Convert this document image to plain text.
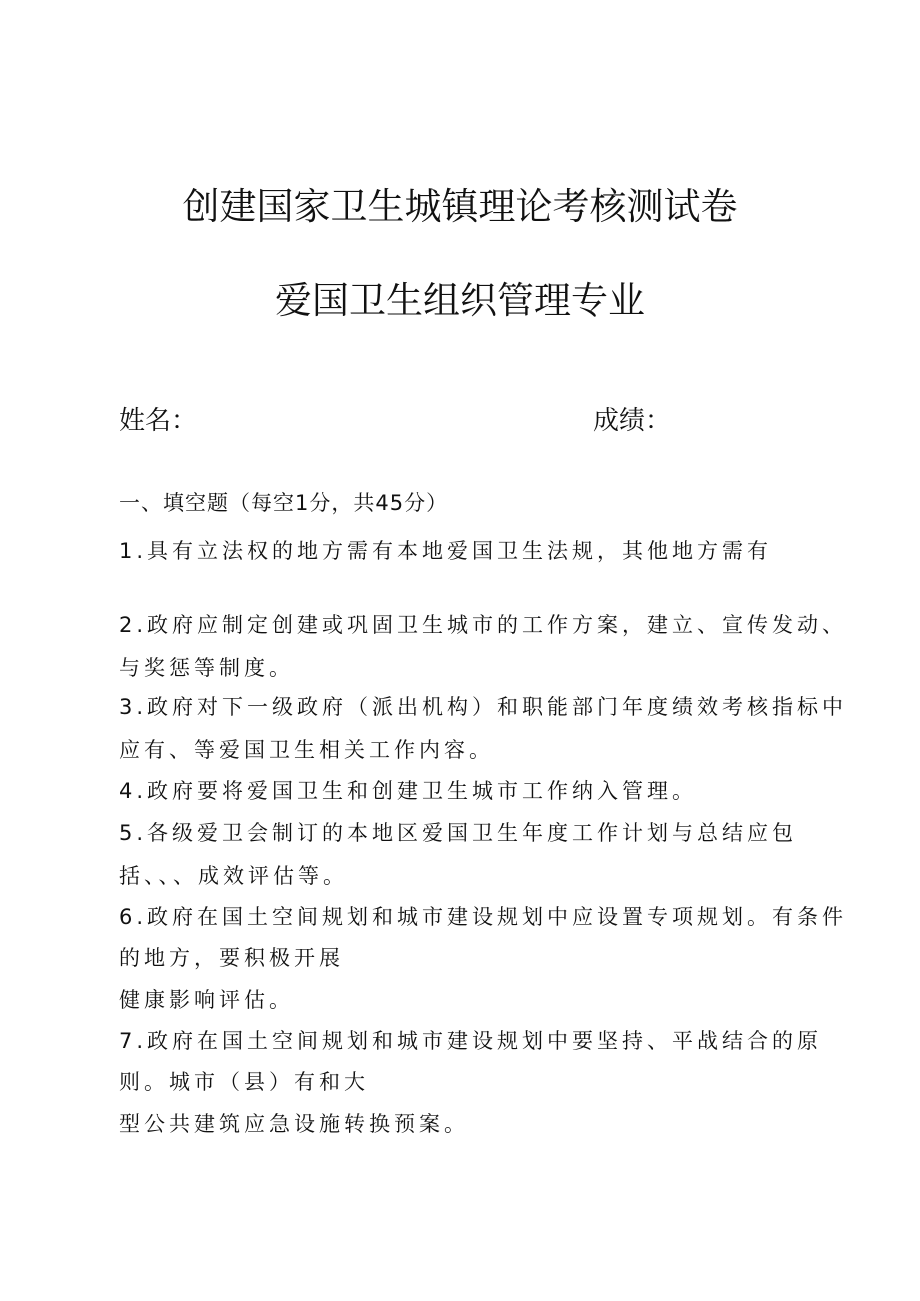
创建国家卫生城镇理论考核测试卷
爱国卫生组织管理专业
姓名：	成绩：
一、填空题（每空1分，共45分）
1.具有立法权的地方需有本地爱国卫生法规，其他地方需有
2.政府应制定创建或巩固卫生城市的工作方案，建立、宣传发动、
与奖惩等制度。
3.政府对下一级政府（派出机构）和职能部门年度绩效考核指标中
应有、等爱国卫生相关工作内容。
4.政府要将爱国卫生和创建卫生城市工作纳入管理。
5.各级爱卫会制订的本地区爱国卫生年度工作计划与总结应包
括、、、成效评估等。
6.政府在国土空间规划和城市建设规划中应设置专项规划。有条件
的地方，要积极开展
健康影响评估。
7.政府在国土空间规划和城市建设规划中要坚持、平战结合的原
则。城市（县）有和大
型公共建筑应急设施转换预案。
